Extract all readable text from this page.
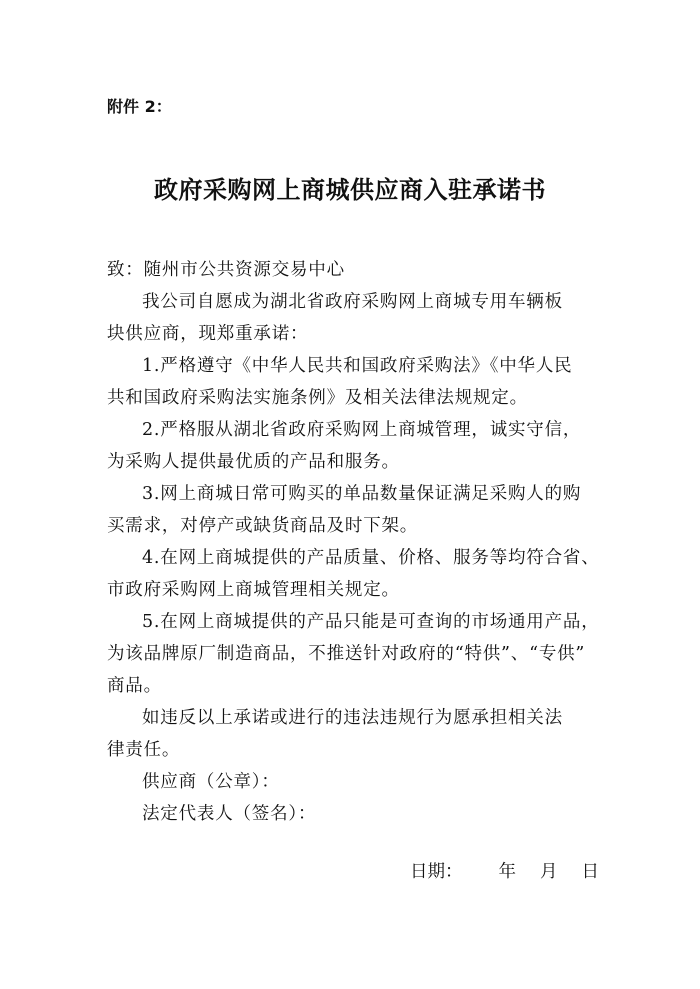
附件 2：
政府采购网上商城供应商入驻承诺书
致：随州市公共资源交易中心
我公司自愿成为湖北省政府采购网上商城专用车辆板
块供应商，现郑重承诺：
1.严格遵守《中华人民共和国政府采购法》《中华人民
共和国政府采购法实施条例》及相关法律法规规定。
2.严格服从湖北省政府采购网上商城管理，诚实守信，
为采购人提供最优质的产品和服务。
3.网上商城日常可购买的单品数量保证满足采购人的购
买需求，对停产或缺货商品及时下架。
4.在网上商城提供的产品质量、价格、服务等均符合省、
市政府采购网上商城管理相关规定。
5.在网上商城提供的产品只能是可查询的市场通用产品，
为该品牌原厂制造商品，不推送针对政府的“特供”、“专供”
商品。
如违反以上承诺或进行的违法违规行为愿承担相关法
律责任。
供应商（公章）：
法定代表人（签名）：
日期： 年 月 日
